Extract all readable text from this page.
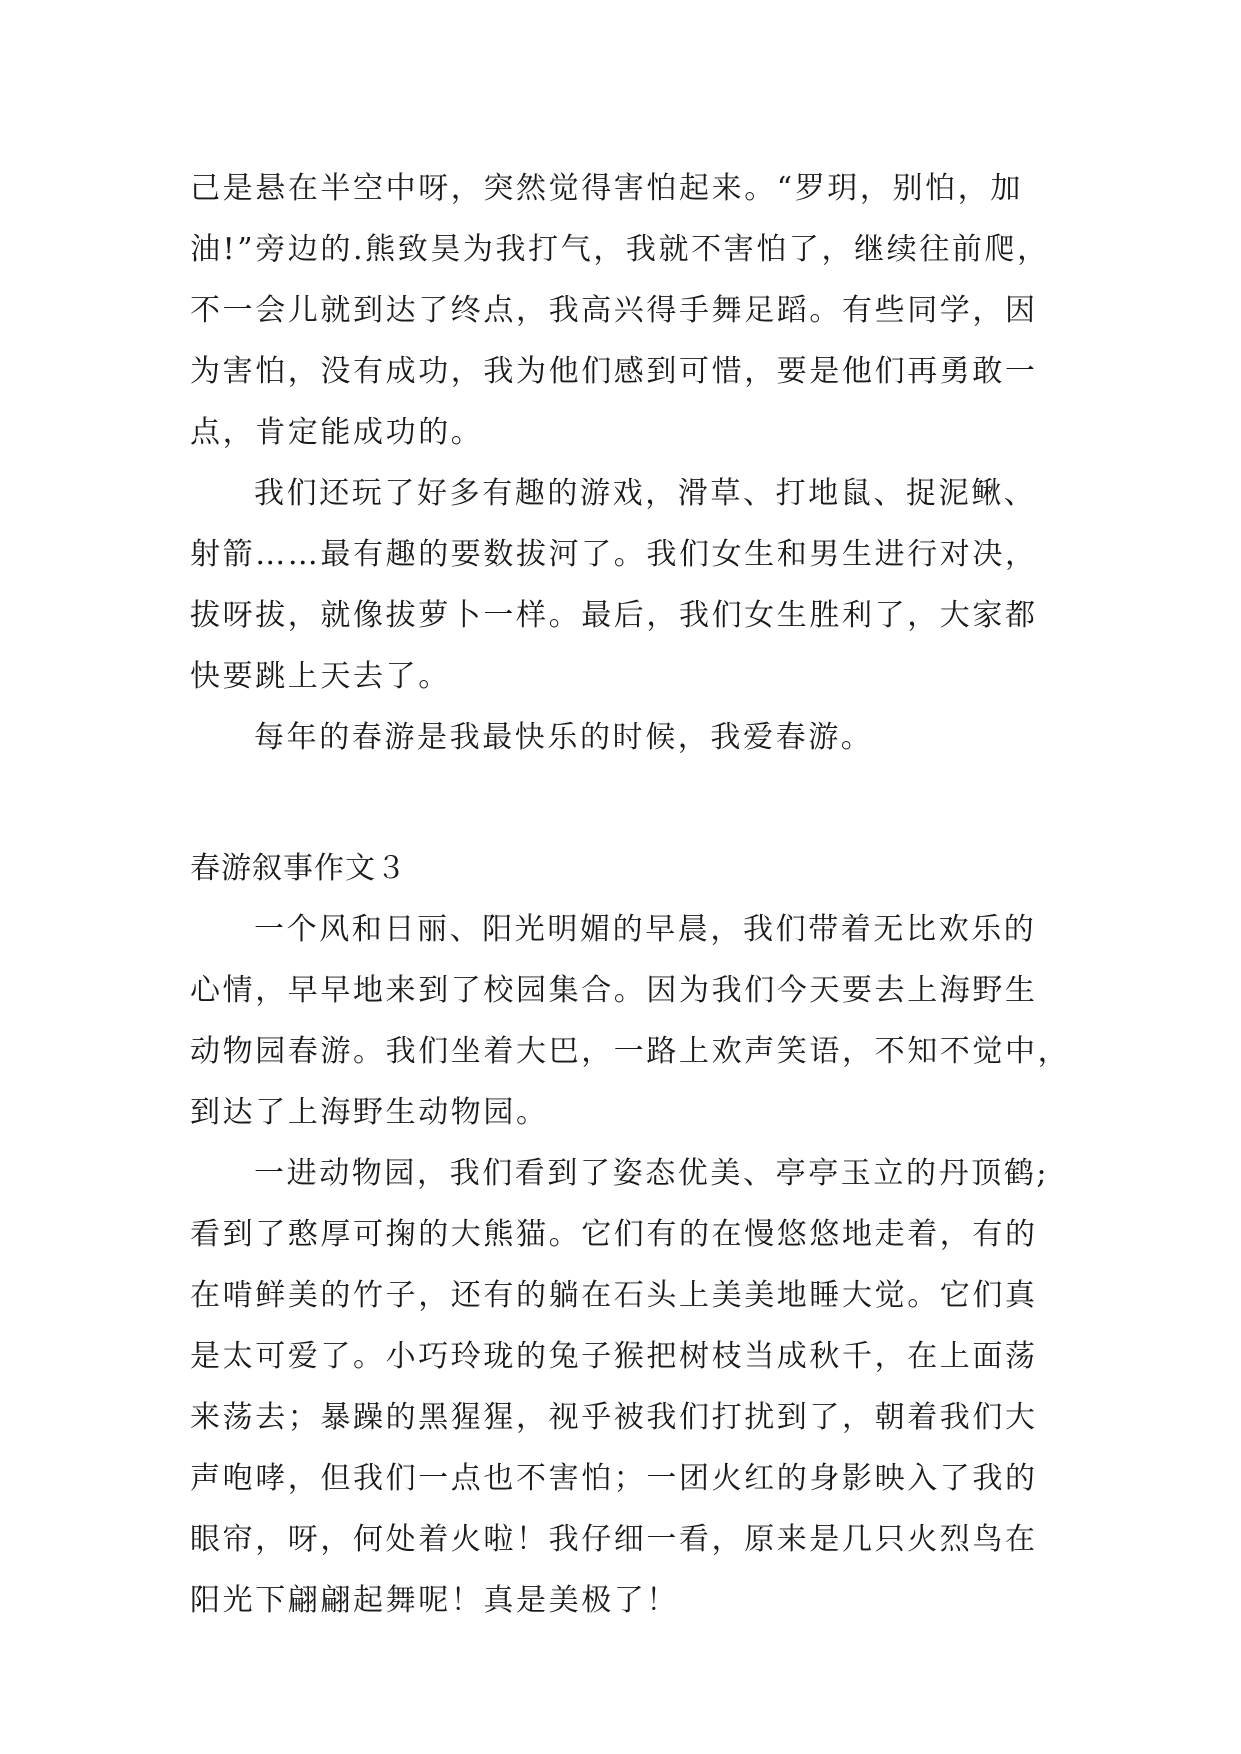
己是悬在半空中呀，突然觉得害怕起来。“罗玥，别怕，加
油!”旁边的.熊致昊为我打气，我就不害怕了，继续往前爬，
不一会儿就到达了终点，我高兴得手舞足蹈。有些同学，因
为害怕，没有成功，我为他们感到可惜，要是他们再勇敢一
点，肯定能成功的。
我们还玩了好多有趣的游戏，滑草、打地鼠、捉泥鳅、
射箭……最有趣的要数拔河了。我们女生和男生进行对决，
拔呀拔，就像拔萝卜一样。最后，我们女生胜利了，大家都
快要跳上天去了。
每年的春游是我最快乐的时候，我爱春游。
春游叙事作文３
一个风和日丽、阳光明媚的早晨，我们带着无比欢乐的
心情，早早地来到了校园集合。因为我们今天要去上海野生
动物园春游。我们坐着大巴，一路上欢声笑语，不知不觉中，
到达了上海野生动物园。
一进动物园，我们看到了姿态优美、亭亭玉立的丹顶鹤;
看到了憨厚可掬的大熊猫。它们有的在慢悠悠地走着，有的
在啃鲜美的竹子，还有的躺在石头上美美地睡大觉。它们真
是太可爱了。小巧玲珑的兔子猴把树枝当成秋千，在上面荡
来荡去；暴躁的黑猩猩，视乎被我们打扰到了，朝着我们大
声咆哮，但我们一点也不害怕；一团火红的身影映入了我的
眼帘，呀，何处着火啦！我仔细一看，原来是几只火烈鸟在
阳光下翩翩起舞呢！真是美极了！
